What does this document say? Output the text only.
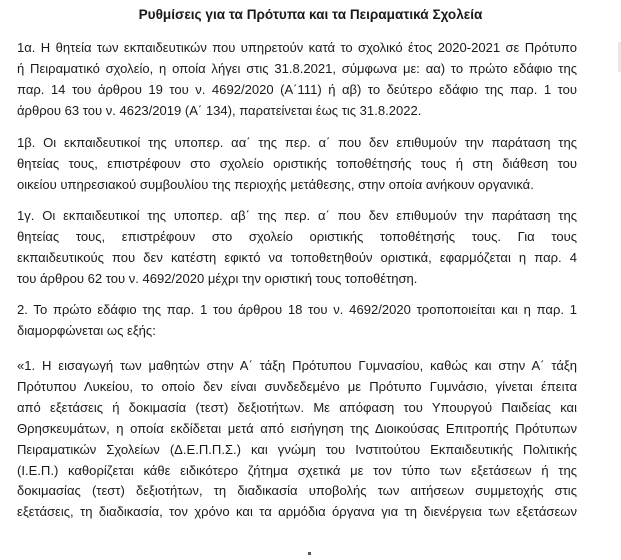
Ρυθμίσεις για τα Πρότυπα και τα Πειραματικά Σχολεία
1α. Η θητεία των εκπαιδευτικών που υπηρετούν κατά το σχολικό έτος 2020-2021 σε Πρότυπο
ή Πειραματικό σχολείο, η οποία λήγει στις 31.8.2021, σύμφωνα με: αα) το πρώτο εδάφιο της
παρ. 14 του άρθρου 19 του ν. 4692/2020 (Α΄111) ή αβ) το δεύτερο εδάφιο της παρ. 1 του
άρθρου 63 του ν. 4623/2019 (Α΄ 134), παρατείνεται έως τις 31.8.2022.
1β. Οι εκπαιδευτικοί της υποπερ. αα΄ της περ. α΄ που δεν επιθυμούν την παράταση της
θητείας τους, επιστρέφουν στο σχολείο οριστικής τοποθέτησής τους ή στη διάθεση του
οικείου υπηρεσιακού συμβουλίου της περιοχής μετάθεσης, στην οποία ανήκουν οργανικά.
1γ. Οι εκπαιδευτικοί της υποπερ. αβ΄ της περ. α΄ που δεν επιθυμούν την παράταση της
θητείας τους, επιστρέφουν στο σχολείο οριστικής τοποθέτησής τους. Για τους
εκπαιδευτικούς που δεν κατέστη εφικτό να τοποθετηθούν οριστικά, εφαρμόζεται η παρ. 4
του άρθρου 62 του ν. 4692/2020 μέχρι την οριστική τους τοποθέτηση.
2. Το πρώτο εδάφιο της παρ. 1 του άρθρου 18 του ν. 4692/2020 τροποποιείται και η παρ. 1
διαμορφώνεται ως εξής:
«1. Η εισαγωγή των μαθητών στην Α΄ τάξη Πρότυπου Γυμνασίου, καθώς και στην Α΄ τάξη
Πρότυπου Λυκείου, το οποίο δεν είναι συνδεδεμένο με Πρότυπο Γυμνάσιο, γίνεται έπειτα
από εξετάσεις ή δοκιμασία (τεστ) δεξιοτήτων. Με απόφαση του Υπουργού Παιδείας και
Θρησκευμάτων, η οποία εκδίδεται μετά από εισήγηση της Διοικούσας Επιτροπής Πρότυπων
Πειραματικών Σχολείων (Δ.Ε.Π.Π.Σ.) και γνώμη του Ινστιτούτου Εκπαιδευτικής Πολιτικής
(Ι.Ε.Π.) καθορίζεται κάθε ειδικότερο ζήτημα σχετικά με τον τύπο των εξετάσεων ή της
δοκιμασίας (τεστ) δεξιοτήτων, τη διαδικασία υποβολής των αιτήσεων συμμετοχής στις
εξετάσεις, τη διαδικασία, τον χρόνο και τα αρμόδια όργανα για τη διενέργεια των εξετάσεων
